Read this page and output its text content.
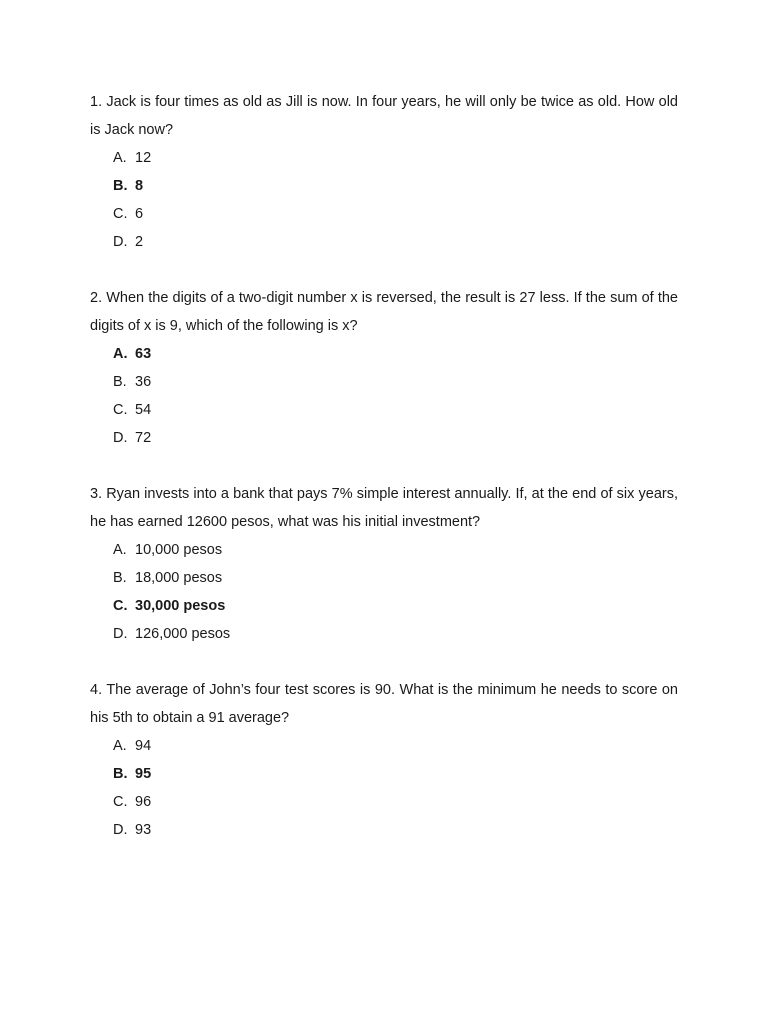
1. Jack is four times as old as Jill is now. In four years, he will only be twice as old. How old is Jack now?

A. 12
B. 8
C. 6
D. 2

2. When the digits of a two-digit number x is reversed, the result is 27 less. If the sum of the digits of x is 9, which of the following is x?

A. 63
B. 36
C. 54
D. 72

3. Ryan invests into a bank that pays 7% simple interest annually. If, at the end of six years, he has earned 12600 pesos, what was his initial investment?

A. 10,000 pesos
B. 18,000 pesos
C. 30,000 pesos
D. 126,000 pesos

4. The average of John’s four test scores is 90. What is the minimum he needs to score on his 5th to obtain a 91 average?

A. 94
B. 95
C. 96
D. 93
